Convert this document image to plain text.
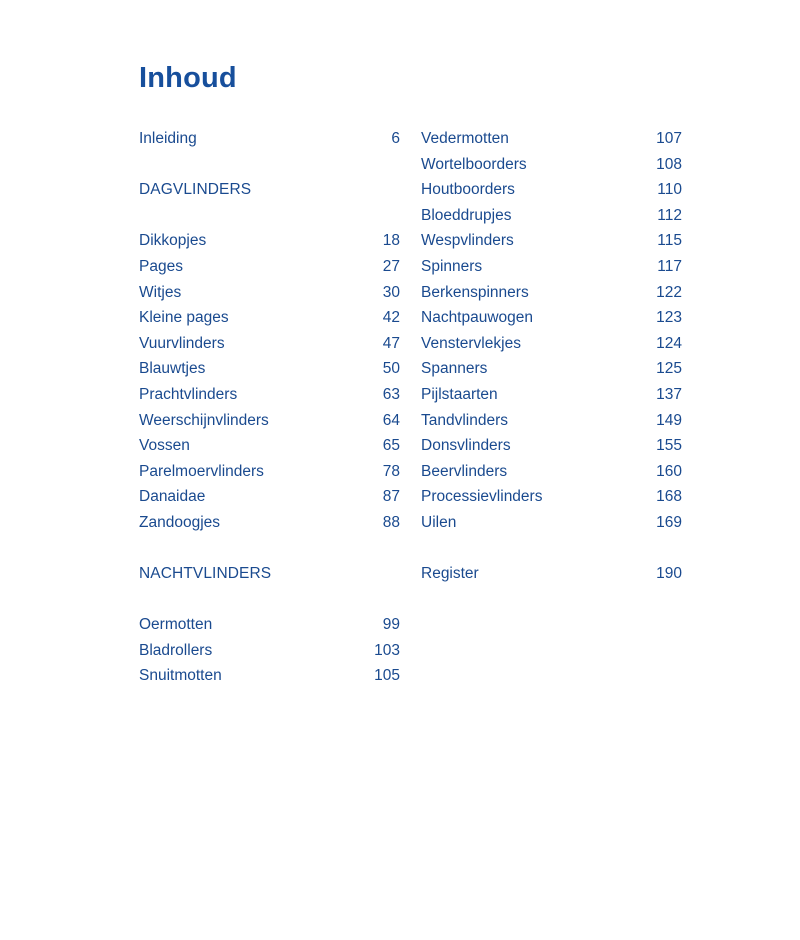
Inhoud
Inleiding	6
DAGVLINDERS
Dikkopjes	18
Pages	27
Witjes	30
Kleine pages	42
Vuurvlinders	47
Blauwtjes	50
Prachtvlinders	63
Weerschijnvlinders	64
Vossen	65
Parelmoervlinders	78
Danaidae	87
Zandoogjes	88
NACHTVLINDERS
Oermotten	99
Bladrollers	103
Snuitmotten	105
Vedermotten	107
Wortelboorders	108
Houtboorders	110
Bloeddrupjes	112
Wespvlinders	115
Spinners	117
Berkenspinners	122
Nachtpauwogen	123
Venstervlekjes	124
Spanners	125
Pijlstaarten	137
Tandvlinders	149
Donsvlinders	155
Beervlinders	160
Processievlinders	168
Uilen	169
Register	190
